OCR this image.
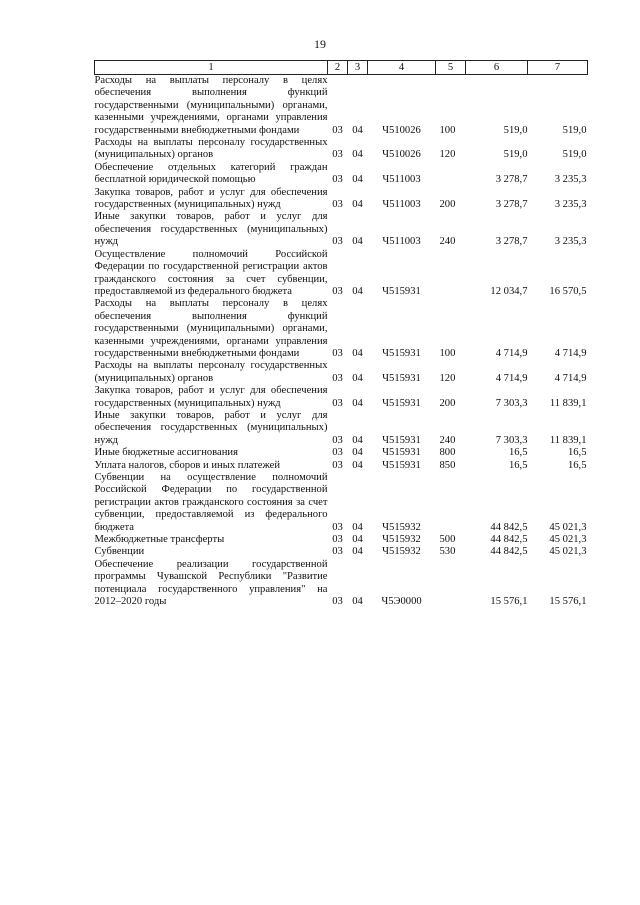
19
1	2	3	4	5	6	7
Расходы на выплаты персоналу в целях обеспечения выполнения функций государственными (муниципальными) органами, казенными учреждениями, органами управления государственными внебюджетными фондами	03	04	Ч510026	100	519,0	519,0
Расходы на выплаты персоналу государственных (муниципальных) органов	03	04	Ч510026	120	519,0	519,0
Обеспечение отдельных категорий граждан бесплатной юридической помощью	03	04	Ч511003		3 278,7	3 235,3
Закупка товаров, работ и услуг для обеспечения государственных (муниципальных) нужд	03	04	Ч511003	200	3 278,7	3 235,3
Иные закупки товаров, работ и услуг для обеспечения государственных (муниципальных) нужд	03	04	Ч511003	240	3 278,7	3 235,3
Осуществление полномочий Российской Федерации по государственной регистрации актов гражданского состояния за счет субвенции, предоставляемой из федерального бюджета	03	04	Ч515931		12 034,7	16 570,5
Расходы на выплаты персоналу в целях обеспечения выполнения функций государственными (муниципальными) органами, казенными учреждениями, органами управления государственными внебюджетными фондами	03	04	Ч515931	100	4 714,9	4 714,9
Расходы на выплаты персоналу государственных (муниципальных) органов	03	04	Ч515931	120	4 714,9	4 714,9
Закупка товаров, работ и услуг для обеспечения государственных (муниципальных) нужд	03	04	Ч515931	200	7 303,3	11 839,1
Иные закупки товаров, работ и услуг для обеспечения государственных (муниципальных) нужд	03	04	Ч515931	240	7 303,3	11 839,1
Иные бюджетные ассигнования	03	04	Ч515931	800	16,5	16,5
Уплата налогов, сборов и иных платежей	03	04	Ч515931	850	16,5	16,5
Субвенции на осуществление полномочий Российской Федерации по государственной регистрации актов гражданского состояния за счет субвенции, предоставляемой из федерального бюджета	03	04	Ч515932		44 842,5	45 021,3
Межбюджетные трансферты	03	04	Ч515932	500	44 842,5	45 021,3
Субвенции	03	04	Ч515932	530	44 842,5	45 021,3
Обеспечение реализации государственной программы Чувашской Республики "Развитие потенциала государственного управления" на 2012–2020 годы	03	04	Ч5Э0000		15 576,1	15 576,1
